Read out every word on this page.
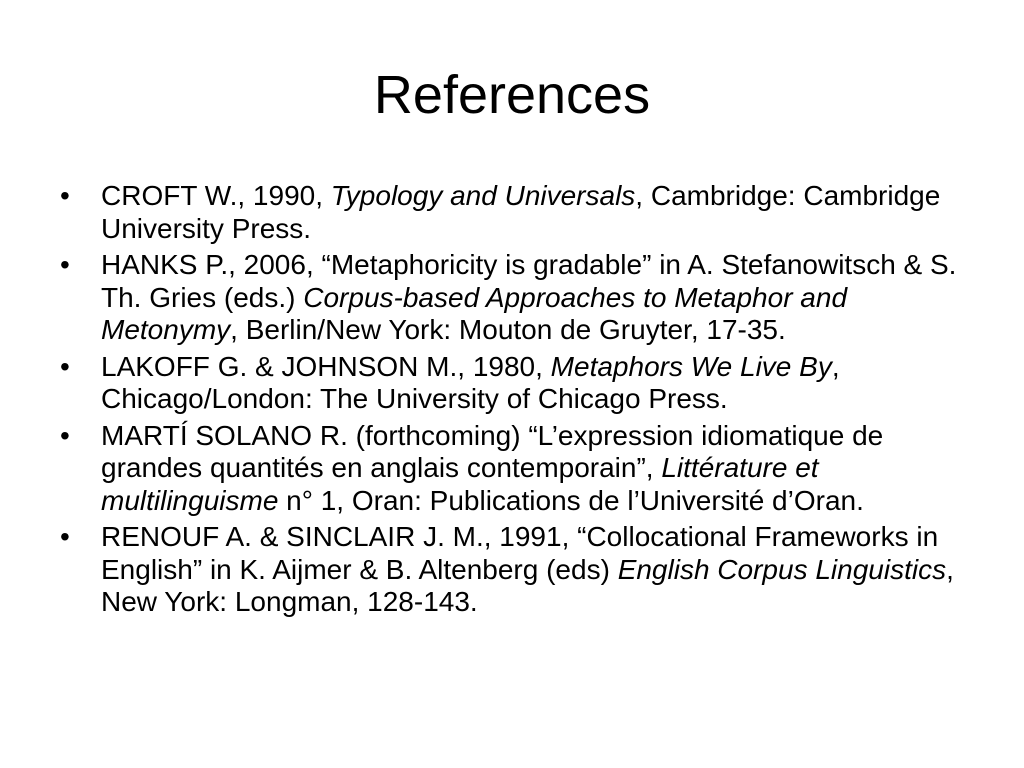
References
•	CROFT W., 1990, Typology and Universals, Cambridge: Cambridge University Press.
•	HANKS P., 2006, “Metaphoricity is gradable” in A. Stefanowitsch & S. Th. Gries (eds.) Corpus-based Approaches to Metaphor and Metonymy, Berlin/New York: Mouton de Gruyter, 17-35.
•	LAKOFF G. & JOHNSON M., 1980, Metaphors We Live By, Chicago/London: The University of Chicago Press.
•	MARTÍ SOLANO R. (forthcoming) “L’expression idiomatique de grandes quantités en anglais contemporain”, Littérature et multilinguisme n° 1, Oran: Publications de l’Université d’Oran.
•	RENOUF A. & SINCLAIR J. M., 1991, “Collocational Frameworks in English” in K. Aijmer & B. Altenberg (eds) English Corpus Linguistics, New York: Longman, 128-143.
